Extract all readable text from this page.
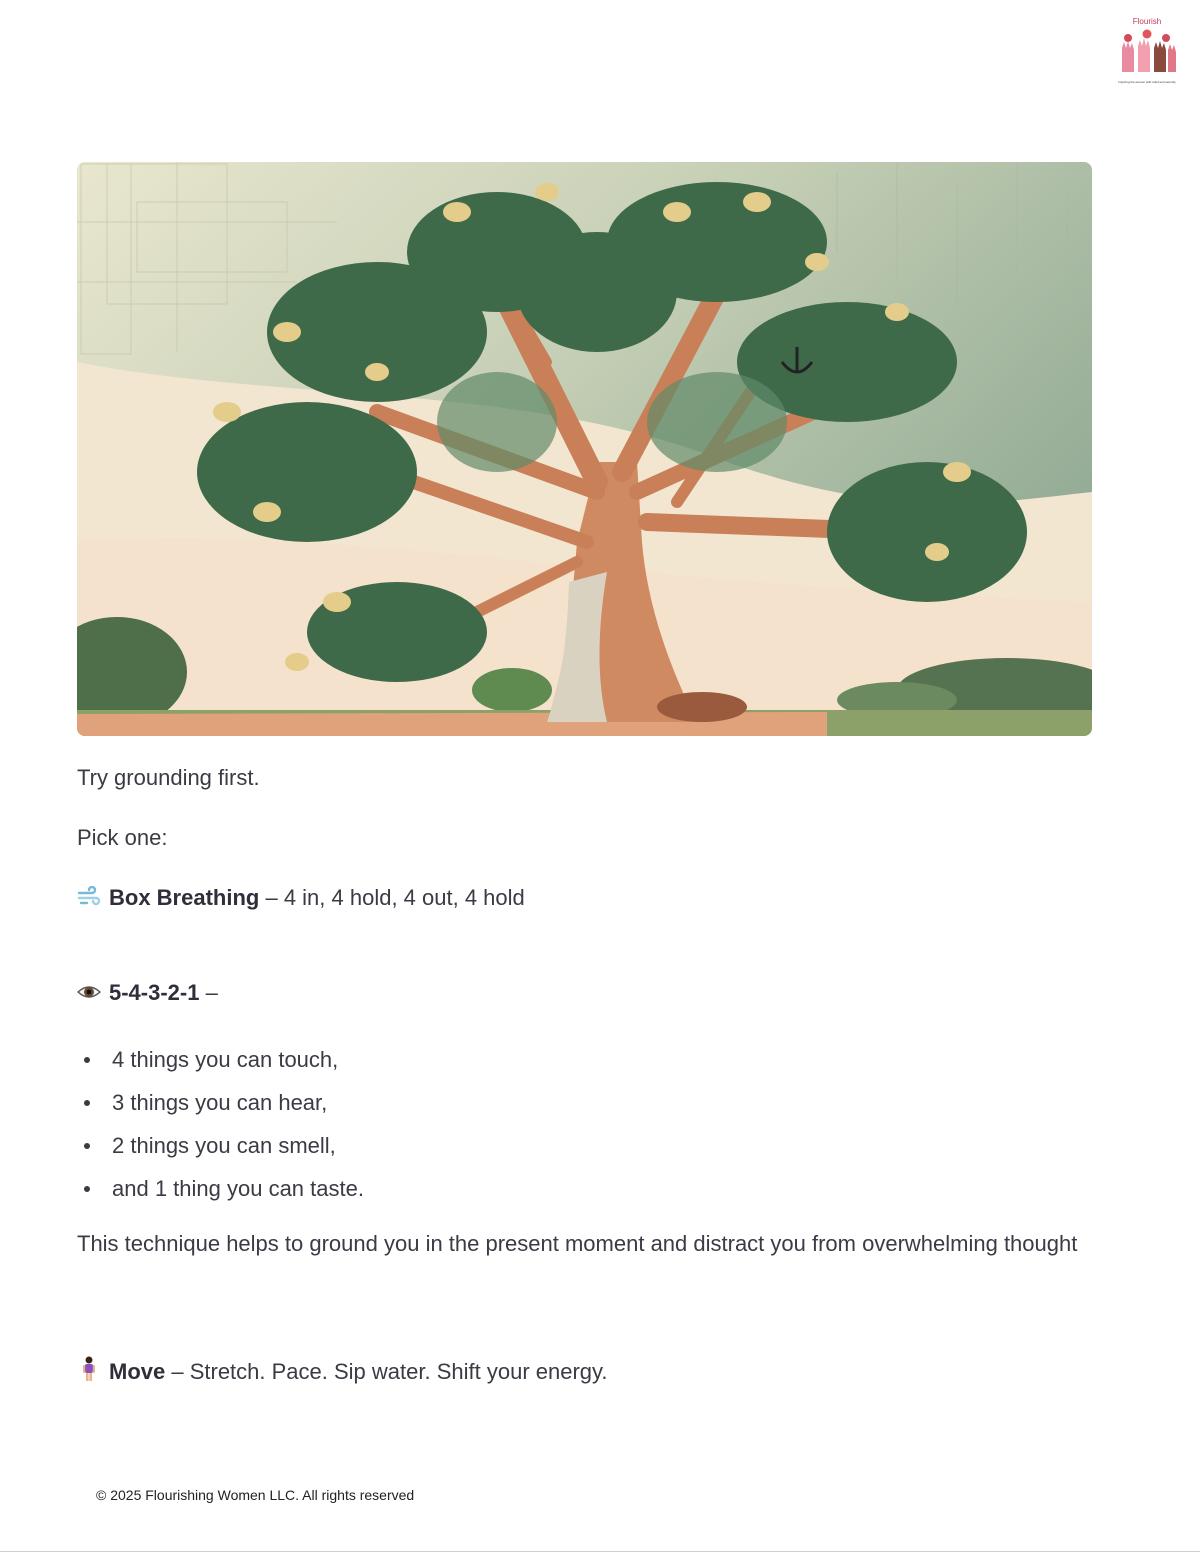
Flourish
Inspiring the women with relief and serenity

Try grounding first.

Pick one:

Box Breathing – 4 in, 4 hold, 4 out, 4 hold

5-4-3-2-1 –

4 things you can touch,
3 things you can hear,
2 things you can smell,
and 1 thing you can taste.

This technique helps to ground you in the present moment and distract you from overwhelming thought

Move – Stretch. Pace. Sip water. Shift your energy.

© 2025 Flourishing Women LLC. All rights reserved
